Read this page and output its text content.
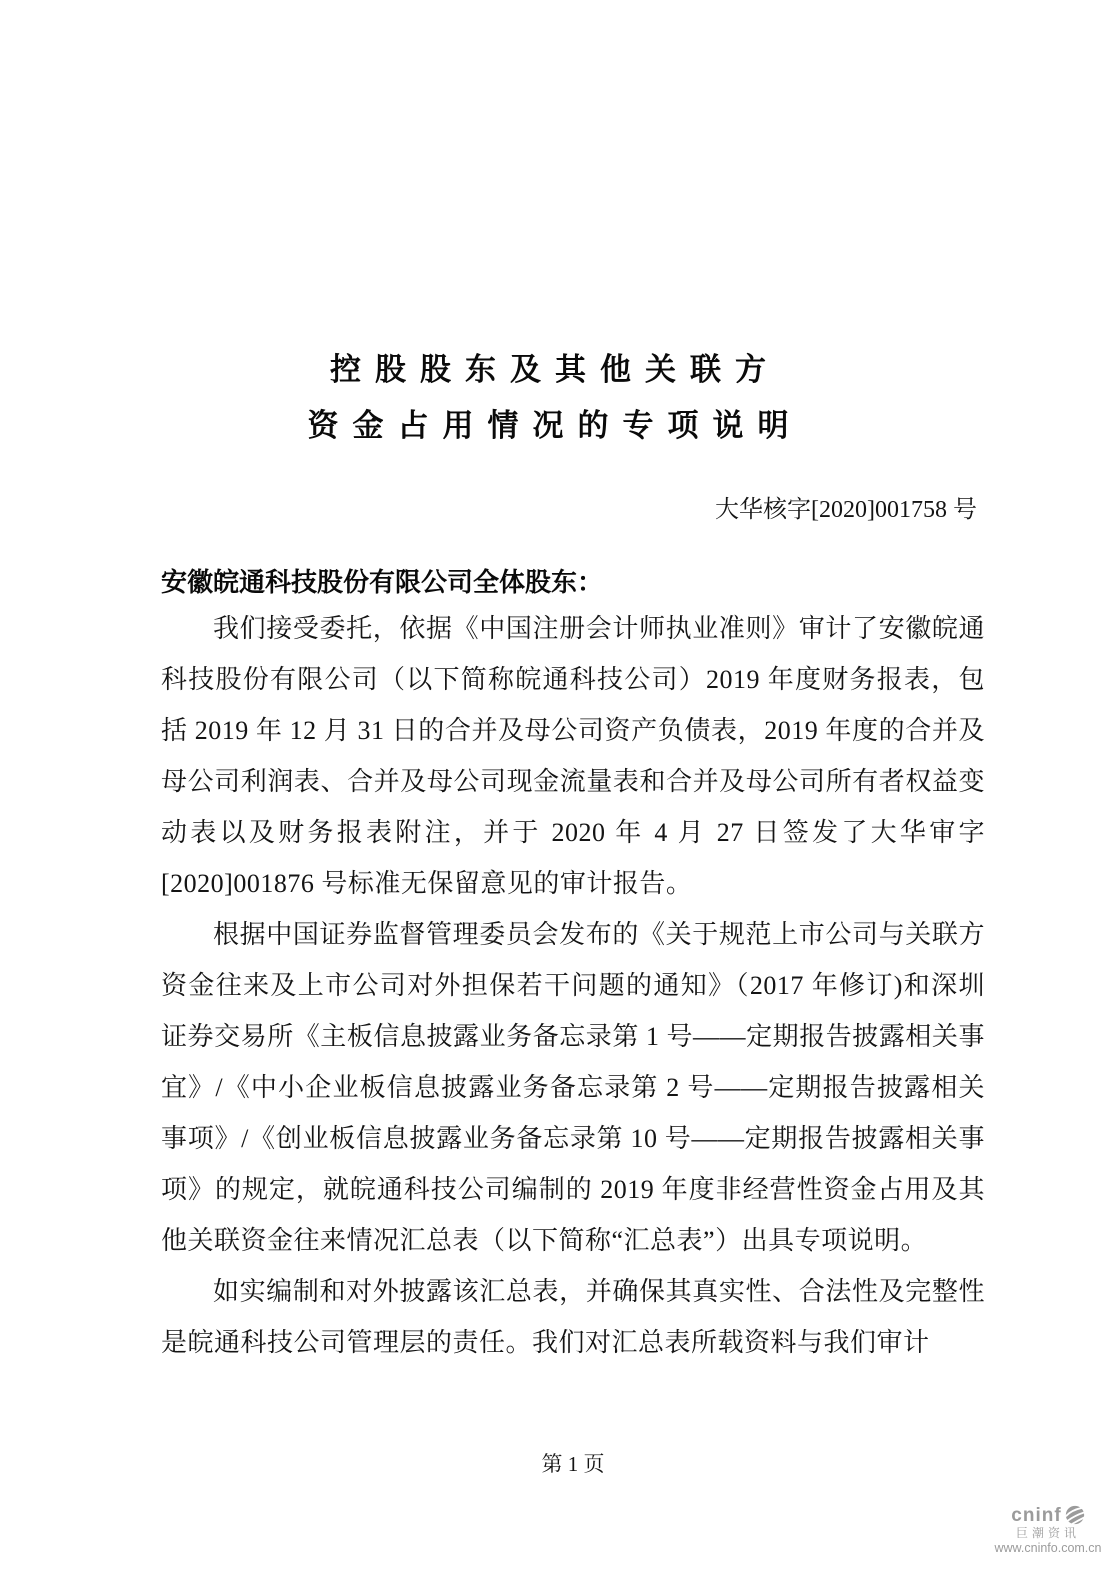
控股股东及其他关联方
资金占用情况的专项说明
大华核字[2020]001758 号
安徽皖通科技股份有限公司全体股东：

我们接受委托，依据《中国注册会计师执业准则》审计了安徽皖通科技股份有限公司（以下简称皖通科技公司）2019 年度财务报表，包括 2019 年 12 月 31 日的合并及母公司资产负债表，2019 年度的合并及母公司利润表、合并及母公司现金流量表和合并及母公司所有者权益变动表以及财务报表附注，并于 2020 年 4 月 27 日签发了大华审字[2020]001876 号标准无保留意见的审计报告。

根据中国证券监督管理委员会发布的《关于规范上市公司与关联方资金往来及上市公司对外担保若干问题的通知》（2017 年修订)和深圳证券交易所《主板信息披露业务备忘录第 1 号——定期报告披露相关事宜》/《中小企业板信息披露业务备忘录第 2 号——定期报告披露相关事项》/《创业板信息披露业务备忘录第 10 号——定期报告披露相关事项》的规定，就皖通科技公司编制的 2019 年度非经营性资金占用及其他关联资金往来情况汇总表（以下简称“汇总表”）出具专项说明。

如实编制和对外披露该汇总表，并确保其真实性、合法性及完整性是皖通科技公司管理层的责任。我们对汇总表所载资料与我们审计

第 1 页
cninf
巨潮资讯
www.cninfo.com.cn
